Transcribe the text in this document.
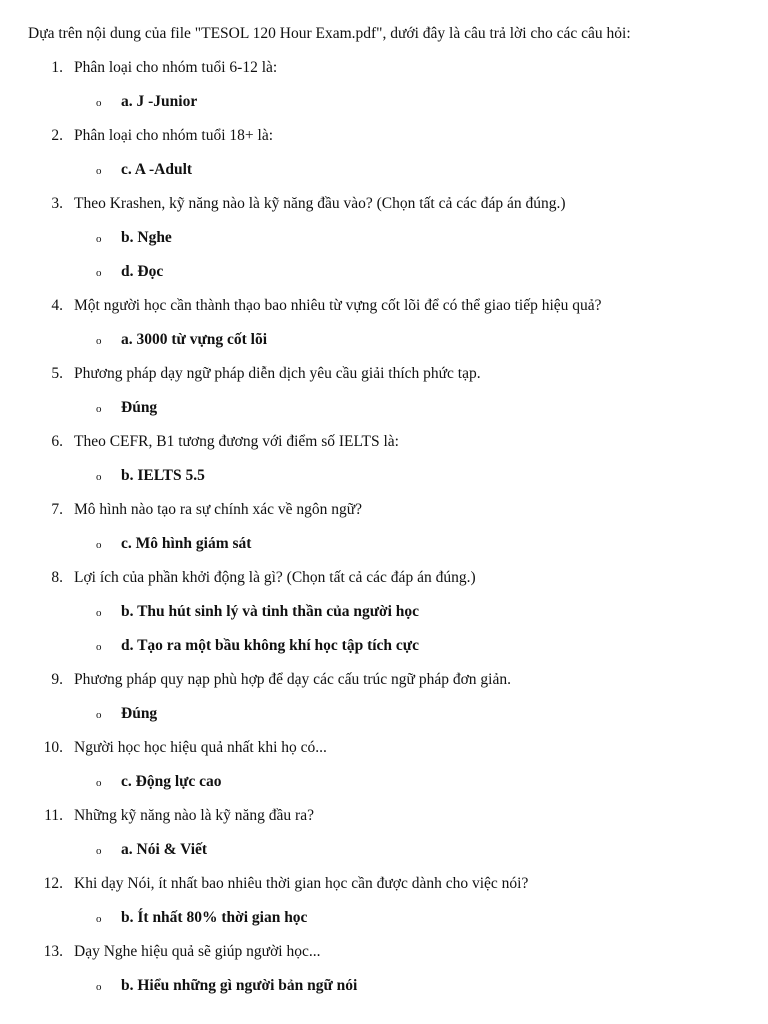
Dựa trên nội dung của file "TESOL 120 Hour Exam.pdf", dưới đây là câu trả lời cho các câu hỏi:
1. Phân loại cho nhóm tuổi 6-12 là:
o a. J -Junior
2. Phân loại cho nhóm tuổi 18+ là:
o c. A -Adult
3. Theo Krashen, kỹ năng nào là kỹ năng đầu vào? (Chọn tất cả các đáp án đúng.)
o b. Nghe
o d. Đọc
4. Một người học cần thành thạo bao nhiêu từ vựng cốt lõi để có thể giao tiếp hiệu quả?
o a. 3000 từ vựng cốt lõi
5. Phương pháp dạy ngữ pháp diễn dịch yêu cầu giải thích phức tạp.
o Đúng
6. Theo CEFR, B1 tương đương với điểm số IELTS là:
o b. IELTS 5.5
7. Mô hình nào tạo ra sự chính xác về ngôn ngữ?
o c. Mô hình giám sát
8. Lợi ích của phần khởi động là gì? (Chọn tất cả các đáp án đúng.)
o b. Thu hút sinh lý và tinh thần của người học
o d. Tạo ra một bầu không khí học tập tích cực
9. Phương pháp quy nạp phù hợp để dạy các cấu trúc ngữ pháp đơn giản.
o Đúng
10. Người học học hiệu quả nhất khi họ có...
o c. Động lực cao
11. Những kỹ năng nào là kỹ năng đầu ra?
o a. Nói & Viết
12. Khi dạy Nói, ít nhất bao nhiêu thời gian học cần được dành cho việc nói?
o b. Ít nhất 80% thời gian học
13. Dạy Nghe hiệu quả sẽ giúp người học...
o b. Hiểu những gì người bản ngữ nói
